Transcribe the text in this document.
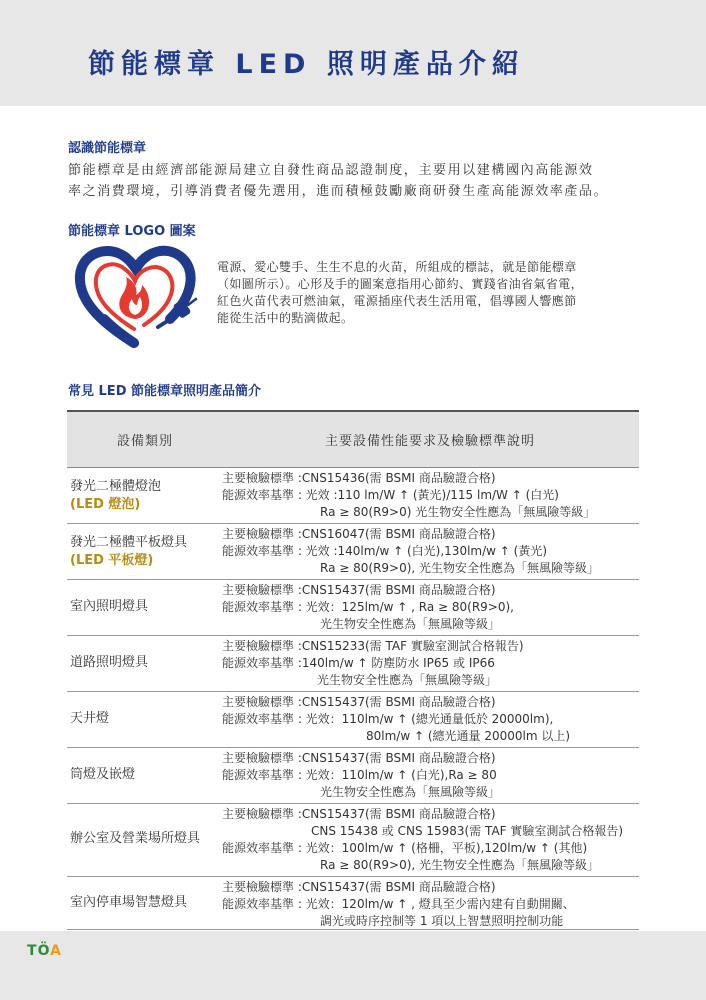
節能標章 LED 照明產品介紹
認識節能標章
節能標章是由經濟部能源局建立自發性商品認證制度，主要用以建構國內高能源效
率之消費環境，引導消費者優先選用，進而積極鼓勵廠商研發生產高能源效率產品。
節能標章 LOGO 圖案
電源、愛心雙手、生生不息的火苗，所組成的標誌，就是節能標章
（如圖所示）。心形及手的圖案意指用心節約、實踐省油省氣省電，
紅色火苗代表可燃油氣，電源插座代表生活用電，倡導國人響應節
能從生活中的點滴做起。
常見 LED 節能標章照明產品簡介
設備類別	主要設備性能要求及檢驗標準說明
發光二極體燈泡
(LED 燈泡)
主要檢驗標準 :CNS15436(需 BSMI 商品驗證合格)
能源效率基準 : 光效 :110 lm/W ↑ (黃光)/115 lm/W ↑ (白光)
Ra ≥ 80(R9>0) 光生物安全性應為「無風險等級」
發光二極體平板燈具
(LED 平板燈)
主要檢驗標準 :CNS16047(需 BSMI 商品驗證合格)
能源效率基準 : 光效 :140lm/w ↑ (白光),130lm/w ↑ (黃光)
Ra ≥ 80(R9>0), 光生物安全性應為「無風險等級」
室內照明燈具
主要檢驗標準 :CNS15437(需 BSMI 商品驗證合格)
能源效率基準 : 光效：125lm/w ↑ , Ra ≥ 80(R9>0),
光生物安全性應為「無風險等級」
道路照明燈具
主要檢驗標準 :CNS15233(需 TAF 實驗室測試合格報告)
能源效率基準 :140lm/w ↑ 防塵防水 IP65 或 IP66
光生物安全性應為「無風險等級」
天井燈
主要檢驗標準 :CNS15437(需 BSMI 商品驗證合格)
能源效率基準 : 光效：110lm/w ↑ (總光通量低於 20000lm),
80lm/w ↑ (總光通量 20000lm 以上)
筒燈及嵌燈
主要檢驗標準 :CNS15437(需 BSMI 商品驗證合格)
能源效率基準 : 光效：110lm/w ↑ (白光),Ra ≥ 80
光生物安全性應為「無風險等級」
辦公室及營業場所燈具
主要檢驗標準 :CNS15437(需 BSMI 商品驗證合格)
CNS 15438 或 CNS 15983(需 TAF 實驗室測試合格報告)
能源效率基準 : 光效：100lm/w ↑ (格柵，平板),120lm/w ↑ (其他)
Ra ≥ 80(R9>0), 光生物安全性應為「無風險等級」
室內停車場智慧燈具
主要檢驗標準 :CNS15437(需 BSMI 商品驗證合格)
能源效率基準 : 光效：120lm/w ↑ , 燈具至少需內建有自動開關、
調光或時序控制等 1 項以上智慧照明控制功能
TÖA
